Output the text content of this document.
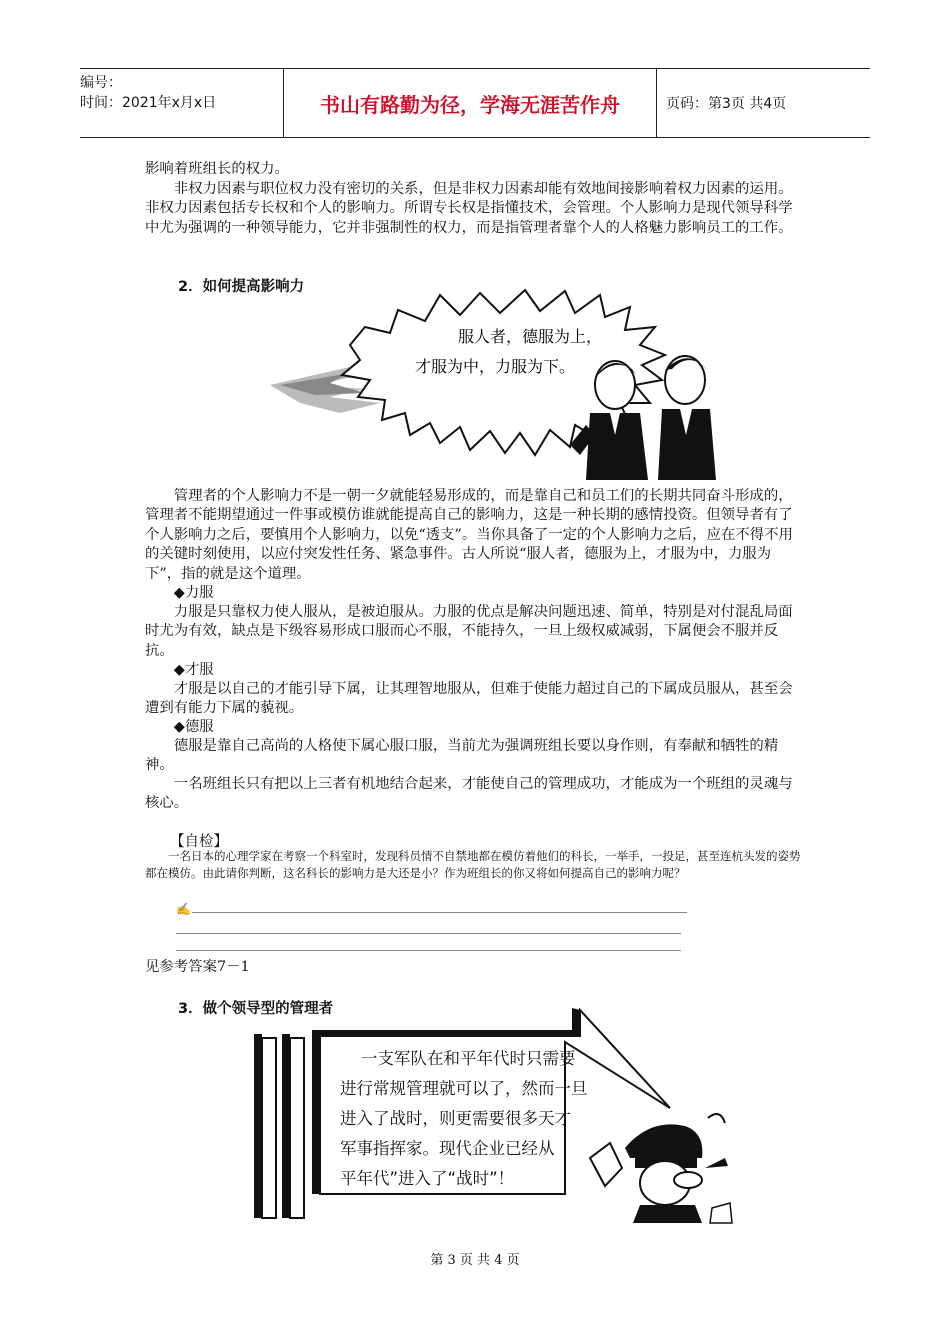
编号：
时间：2021年x月x日	书山有路勤为径，学海无涯苦作舟	页码：第3页 共4页

影响着班组长的权力。

非权力因素与职位权力没有密切的关系，但是非权力因素却能有效地间接影响着权力因素的运用。非权力因素包括专长权和个人的影响力。所谓专长权是指懂技术，会管理。个人影响力是现代领导科学中尤为强调的一种领导能力，它并非强制性的权力，而是指管理者靠个人的人格魅力影响员工的工作。

2．如何提高影响力
服人者，德服为上，
才服为中，力服为下。

管理者的个人影响力不是一朝一夕就能轻易形成的，而是靠自己和员工们的长期共同奋斗形成的，管理者不能期望通过一件事或模仿谁就能提高自己的影响力，这是一种长期的感情投资。但领导者有了个人影响力之后，要慎用个人影响力，以免“透支”。当你具备了一定的个人影响力之后，应在不得不用的关键时刻使用，以应付突发性任务、紧急事件。古人所说“服人者，德服为上，才服为中，力服为下”，指的就是这个道理。

◆力服

力服是只靠权力使人服从，是被迫服从。力服的优点是解决问题迅速、简单，特别是对付混乱局面时尤为有效，缺点是下级容易形成口服而心不服，不能持久，一旦上级权威减弱，下属便会不服并反抗。

◆才服

才服是以自己的才能引导下属，让其理智地服从，但难于使能力超过自己的下属成员服从，甚至会遭到有能力下属的藐视。

◆德服

德服是靠自己高尚的人格使下属心服口服，当前尤为强调班组长要以身作则，有奉献和牺牲的精神。

一名班组长只有把以上三者有机地结合起来，才能使自己的管理成功，才能成为一个班组的灵魂与核心。

【自检】

一名日本的心理学家在考察一个科室时，发现科员情不自禁地都在模仿着他们的科长，一举手，一投足，甚至连杭头发的姿势都在模仿。由此请你判断，这名科长的影响力是大还是小？作为班组长的你又将如何提高自己的影响力呢？

✍

见参考答案7－1

3．做个领导型的管理者
一支军队在和平年代时只需要
进行常规管理就可以了，然而一旦
进入了战时，则更需要很多天才
军事指挥家。现代企业已经从
平年代”进入了“战时”！
第 3 页 共 4 页
